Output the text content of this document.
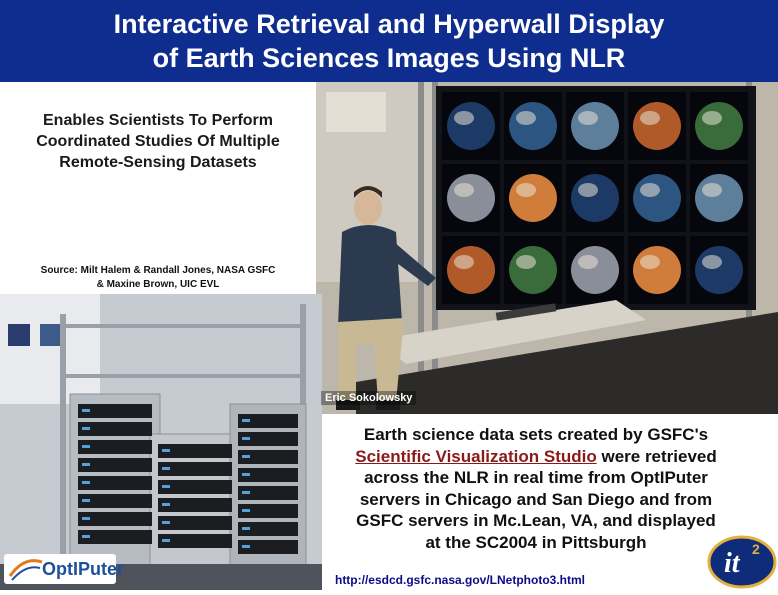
Interactive Retrieval and Hyperwall Display
of Earth Sciences Images Using NLR
Enables Scientists To Perform
Coordinated Studies Of Multiple
Remote-Sensing Datasets
Source: Milt Halem & Randall Jones, NASA GSFC
& Maxine Brown, UIC EVL
Eric Sokolowsky
Earth science data sets created by GSFC's
Scientific Visualization Studio were retrieved
across the NLR in real time from OptIPuter
servers in Chicago and San Diego and from
GSFC servers in Mc.Lean, VA, and displayed
at the SC2004 in Pittsburgh
http://esdcd.gsfc.nasa.gov/LNetphoto3.html
OptIPuter	it 2
